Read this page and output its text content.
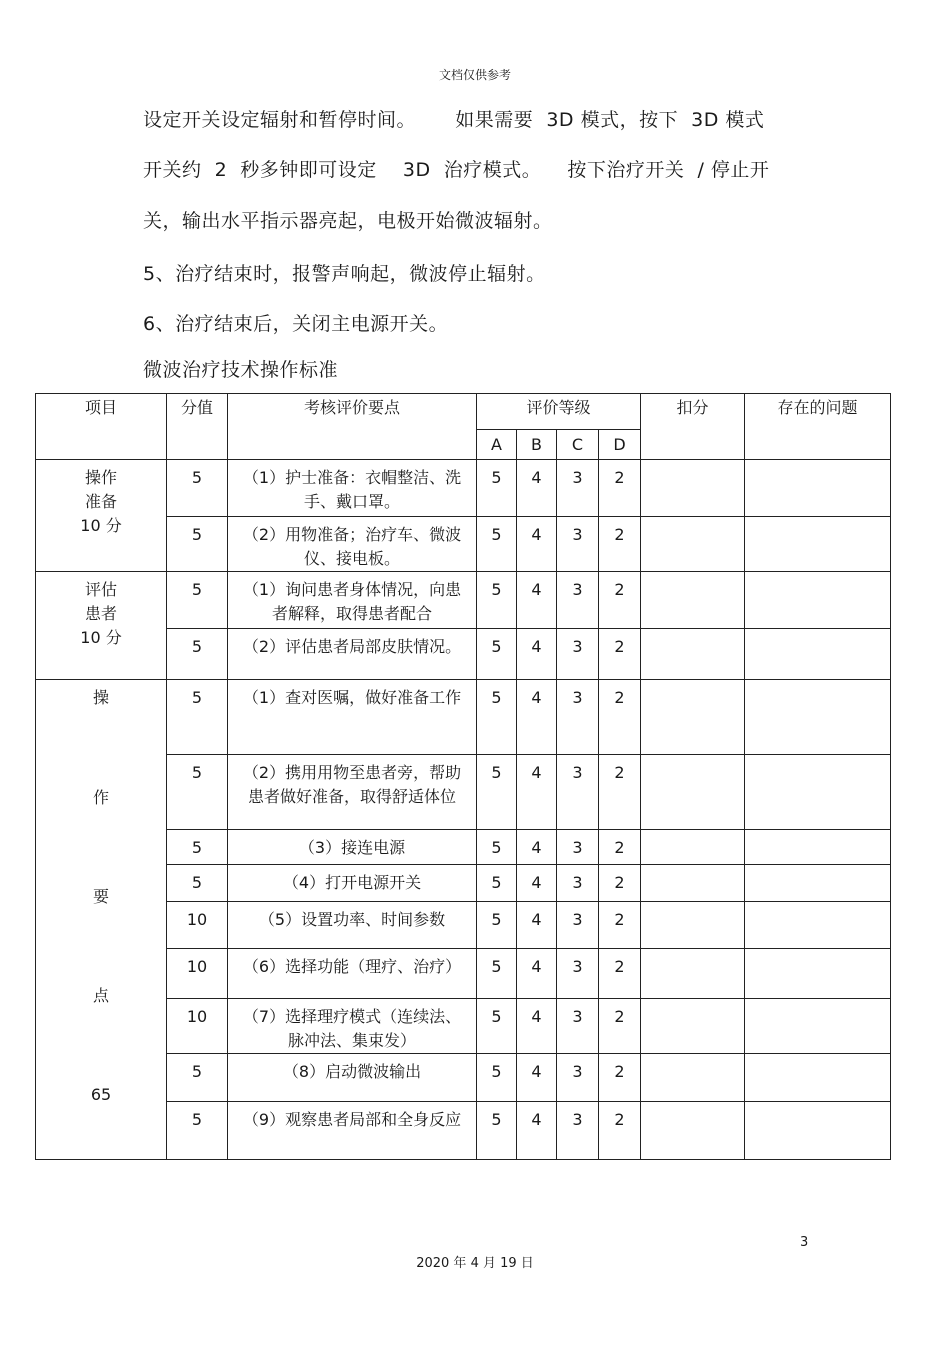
文档仅供参考
设定开关设定辐射和暂停时间。      如果需要  3D 模式，按下  3D 模式
开关约  2  秒多钟即可设定    3D  治疗模式。    按下治疗开关  / 停止开
关，输出水平指示器亮起，电极开始微波辐射。
5、治疗结束时，报警声响起，微波停止辐射。
6、治疗结束后，关闭主电源开关。
微波治疗技术操作标准
项目	分值	考核评价要点	评价等级				扣分	存在的问题
			A	B	C	D		
操作
准备
10 分	5	（1）护士准备：衣帽整洁、洗手、戴口罩。	5	4	3	2		
	5	（2）用物准备；治疗车、微波仪、接电板。	5	4	3	2		
评估
患者
10 分	5	（1）询问患者身体情况，向患者解释，取得患者配合	5	4	3	2		
	5	（2）评估患者局部皮肤情况。	5	4	3	2		

操
作
要
点
65	5	（1）查对医嘱，做好准备工作	5	4	3	2		
	5	（2）携用用物至患者旁，帮助患者做好准备，取得舒适体位	5	4	3	2		
	5	（3）接连电源	5	4	3	2		
	5	（4）打开电源开关	5	4	3	2		
	10	（5）设置功率、时间参数	5	4	3	2		
	10	（6）选择功能（理疗、治疗）	5	4	3	2		
	10	（7）选择理疗模式（连续法、脉冲法、集束发）	5	4	3	2		
	5	（8）启动微波输出	5	4	3	2		
	5	（9）观察患者局部和全身反应	5	4	3	2		
3
2020 年 4 月 19 日
